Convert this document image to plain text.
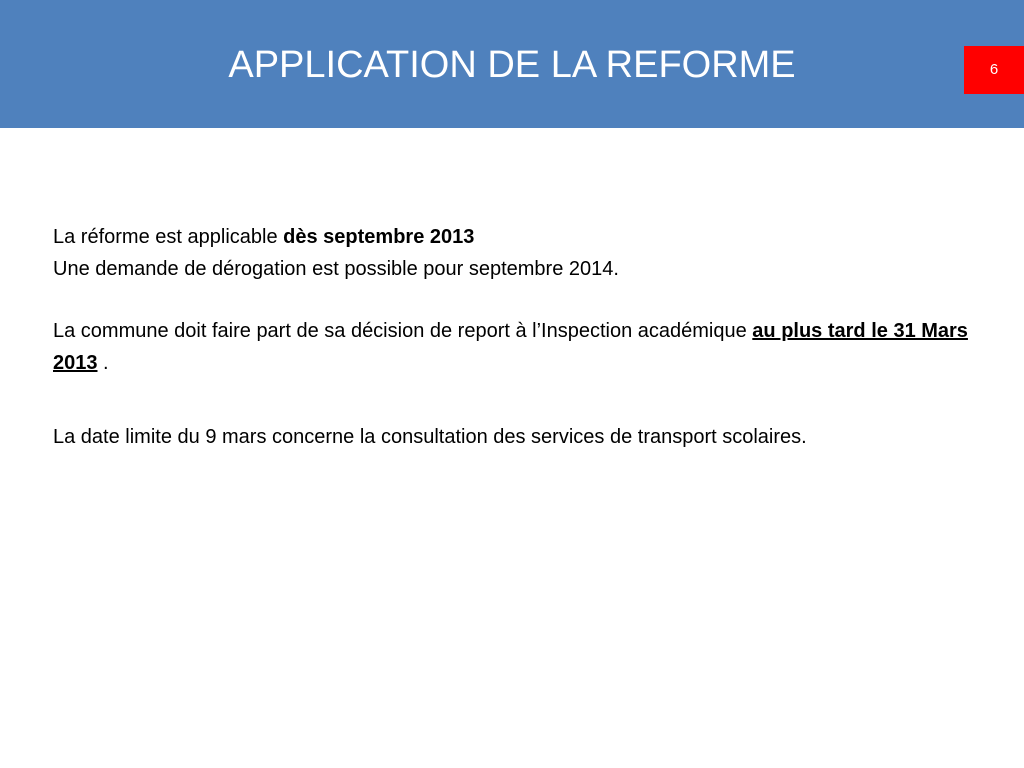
APPLICATION DE LA REFORME	6

La réforme est applicable dès septembre 2013

Une demande de dérogation est possible pour septembre 2014.

La commune doit faire part de sa décision de report à l’Inspection académique au plus tard le 31 Mars 2013 .

La date limite du 9 mars concerne la consultation des services de transport scolaires.
